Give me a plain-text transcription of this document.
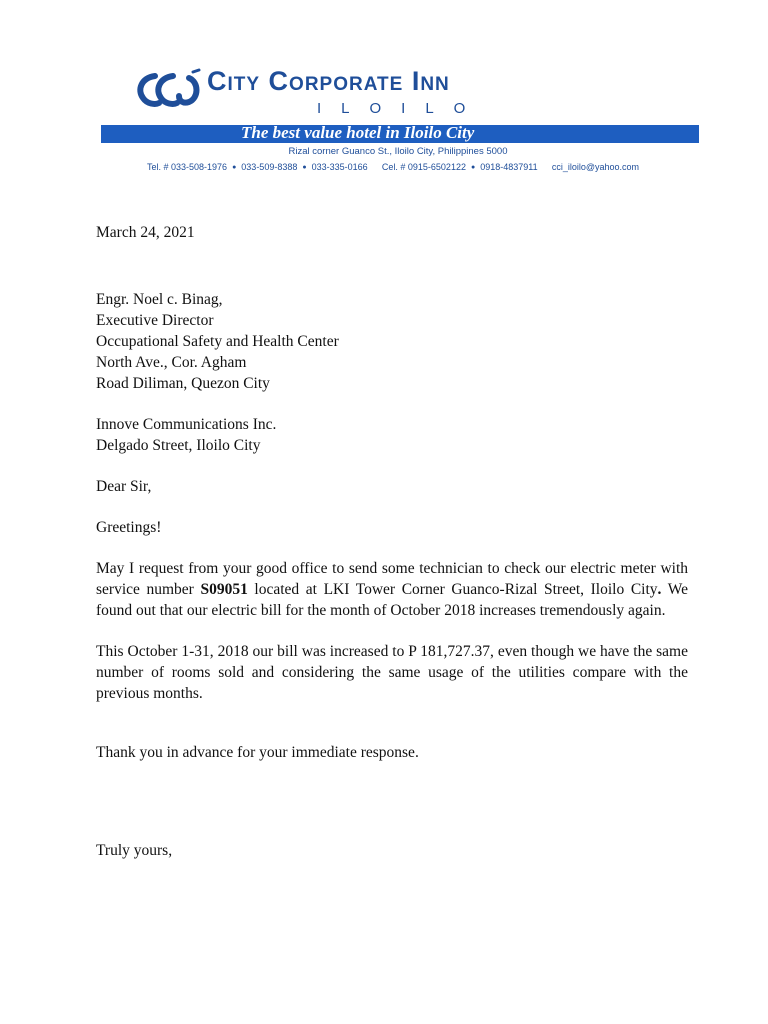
City Corporate Inn
ILOILO
The best value hotel in Iloilo City
Rizal corner Guanco St., Iloilo City, Philippines 5000
Tel. # 033-508-1976 ● 033-509-8388 ● 033-335-0166 Cel. # 0915-6502122 ● 0918-4837911 cci_iloilo@yahoo.com

March 24, 2021

Engr. Noel c. Binag,

Executive Director

Occupational Safety and Health Center

North Ave., Cor. Agham

Road Diliman, Quezon City

Innove Communications Inc.

Delgado Street, Iloilo City

Dear Sir,

Greetings!

May I request from your good office to send some technician to check our electric meter with service number S09051 located at LKI Tower Corner Guanco-Rizal Street, Iloilo City. We found out that our electric bill for the month of October 2018 increases tremendously again.

This October 1-31, 2018 our bill was increased to P 181,727.37, even though we have the same number of rooms sold and considering the same usage of the utilities compare with the previous months.

Thank you in advance for your immediate response.

Truly yours,
